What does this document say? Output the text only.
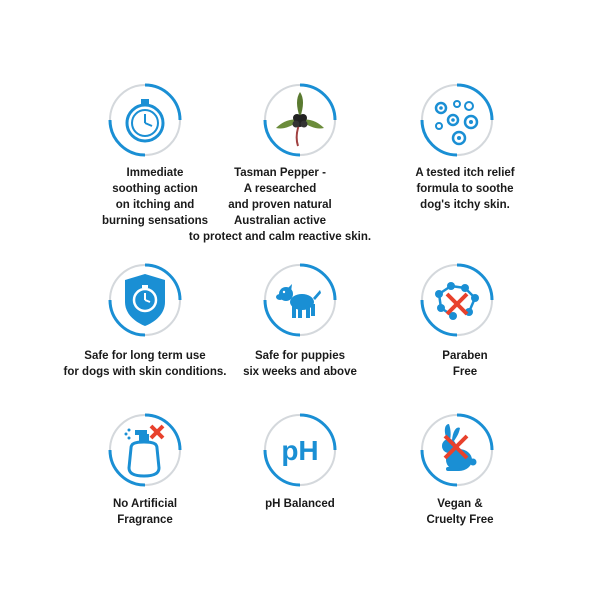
Immediate
soothing action
on itching and
burning sensations
Tasman Pepper -
A researched
and proven natural
Australian active
to protect and calm reactive skin.
A tested itch relief
formula to soothe
dog's itchy skin.
Safe for long term use
for dogs with skin conditions.
Safe for puppies
six weeks and above
Paraben
Free
No Artificial
Fragrance
pH
pH Balanced	Vegan &
Cruelty Free
